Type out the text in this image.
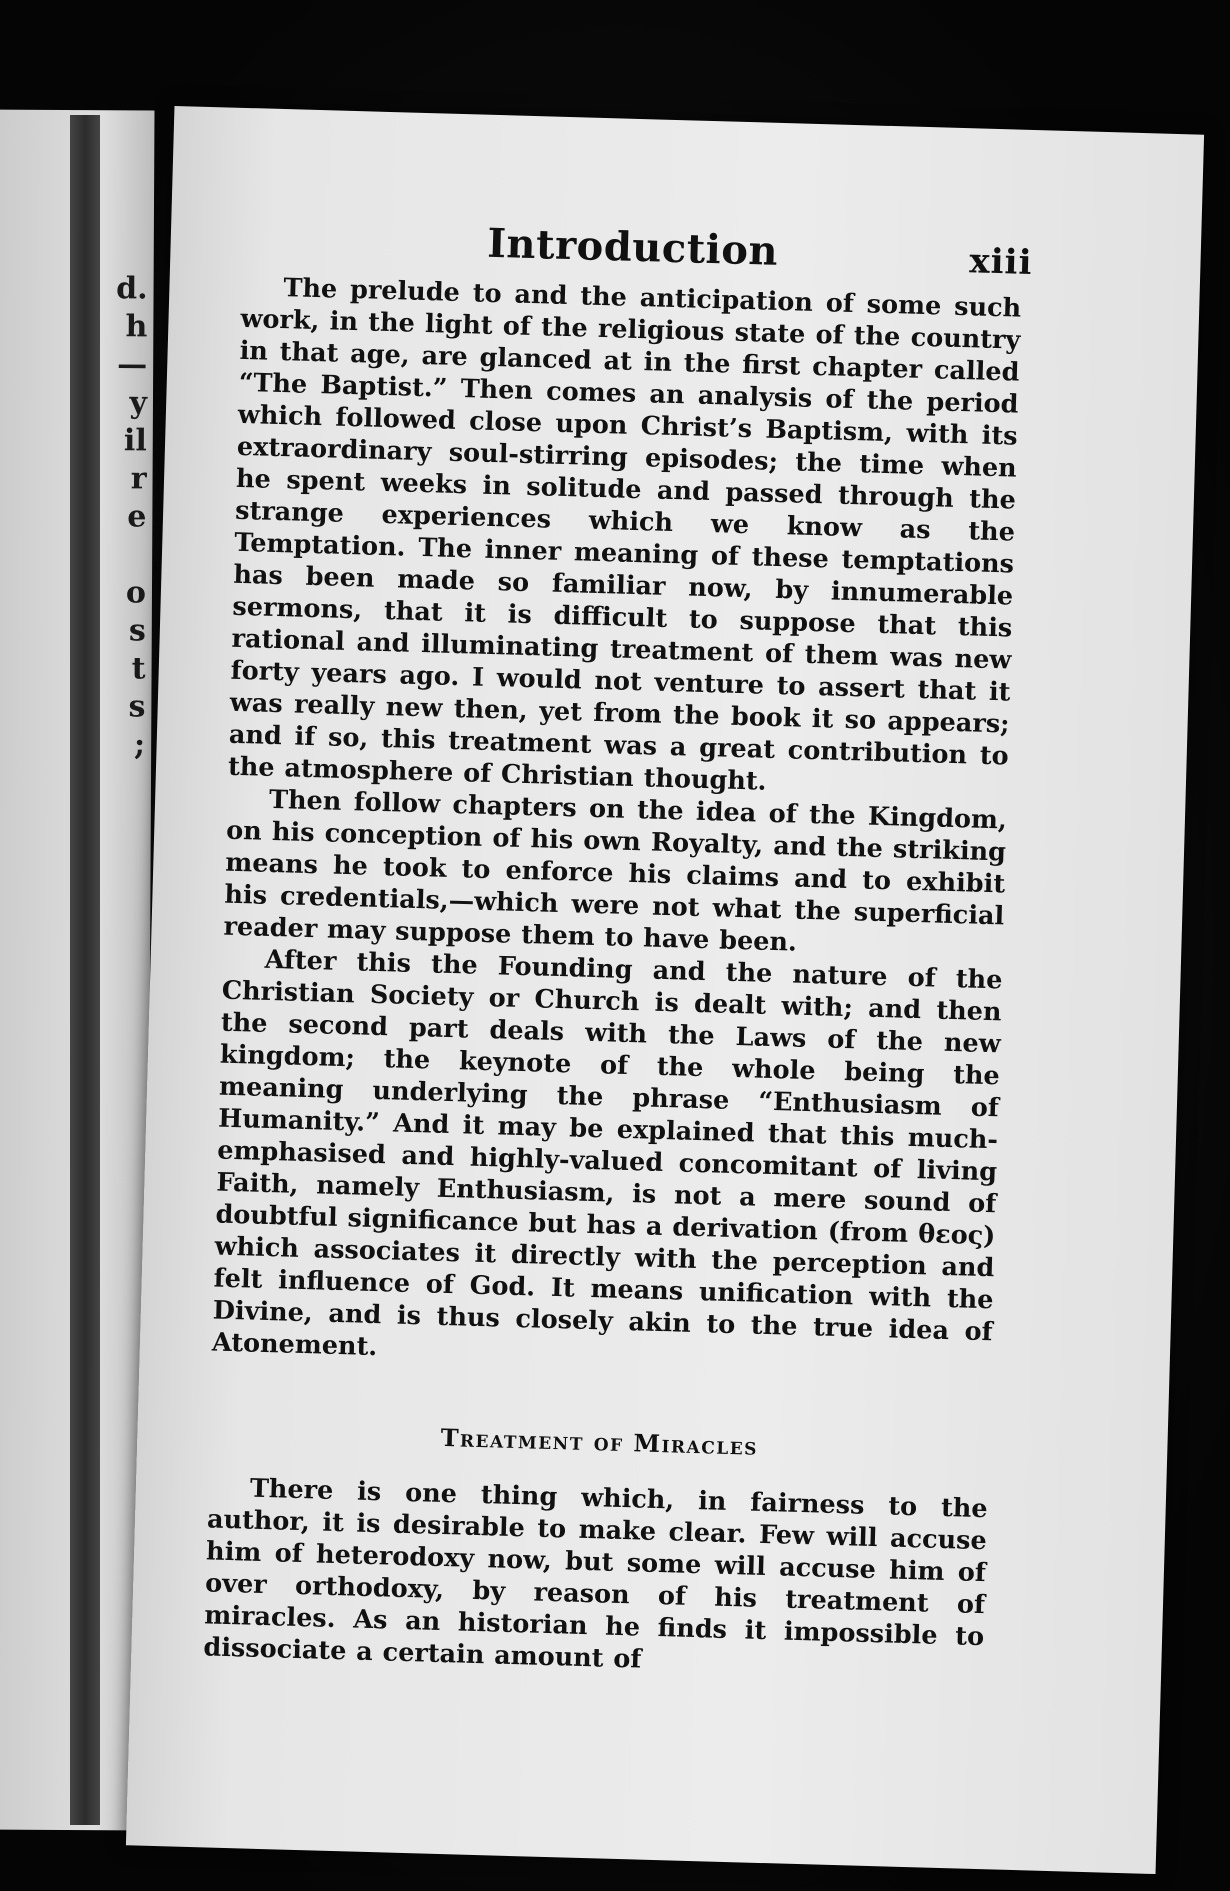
d.
h
—
y
il
r
e
o
s
t
s
;
Introduction	xiii

The prelude to and the anticipation of some such work, in the light of the religious state of the country in that age, are glanced at in the first chapter called “The Baptist.” Then comes an analysis of the period which followed close upon Christ’s Baptism, with its extraordinary soul-stirring episodes; the time when he spent weeks in solitude and passed through the strange experiences which we know as the Temptation. The inner meaning of these temptations has been made so familiar now, by innumerable sermons, that it is difficult to suppose that this rational and illuminating treatment of them was new forty years ago. I would not venture to assert that it was really new then, yet from the book it so appears; and if so, this treatment was a great contribution to the atmosphere of Christian thought.

Then follow chapters on the idea of the Kingdom, on his conception of his own Royalty, and the striking means he took to enforce his claims and to exhibit his credentials,—which were not what the superficial reader may suppose them to have been.

After this the Founding and the nature of the Christian Society or Church is dealt with; and then the second part deals with the Laws of the new kingdom; the keynote of the whole being the meaning underlying the phrase “Enthusiasm of Humanity.” And it may be explained that this much-emphasised and highly-valued concomitant of living Faith, namely Enthusiasm, is not a mere sound of doubtful significance but has a derivation (from θεος) which associates it directly with the perception and felt influence of God. It means unification with the Divine, and is thus closely akin to the true idea of Atonement.

Treatment of Miracles

There is one thing which, in fairness to the author, it is desirable to make clear. Few will accuse him of heterodoxy now, but some will accuse him of over orthodoxy, by reason of his treatment of miracles. As an historian he finds it impossible to dissociate a certain amount of
